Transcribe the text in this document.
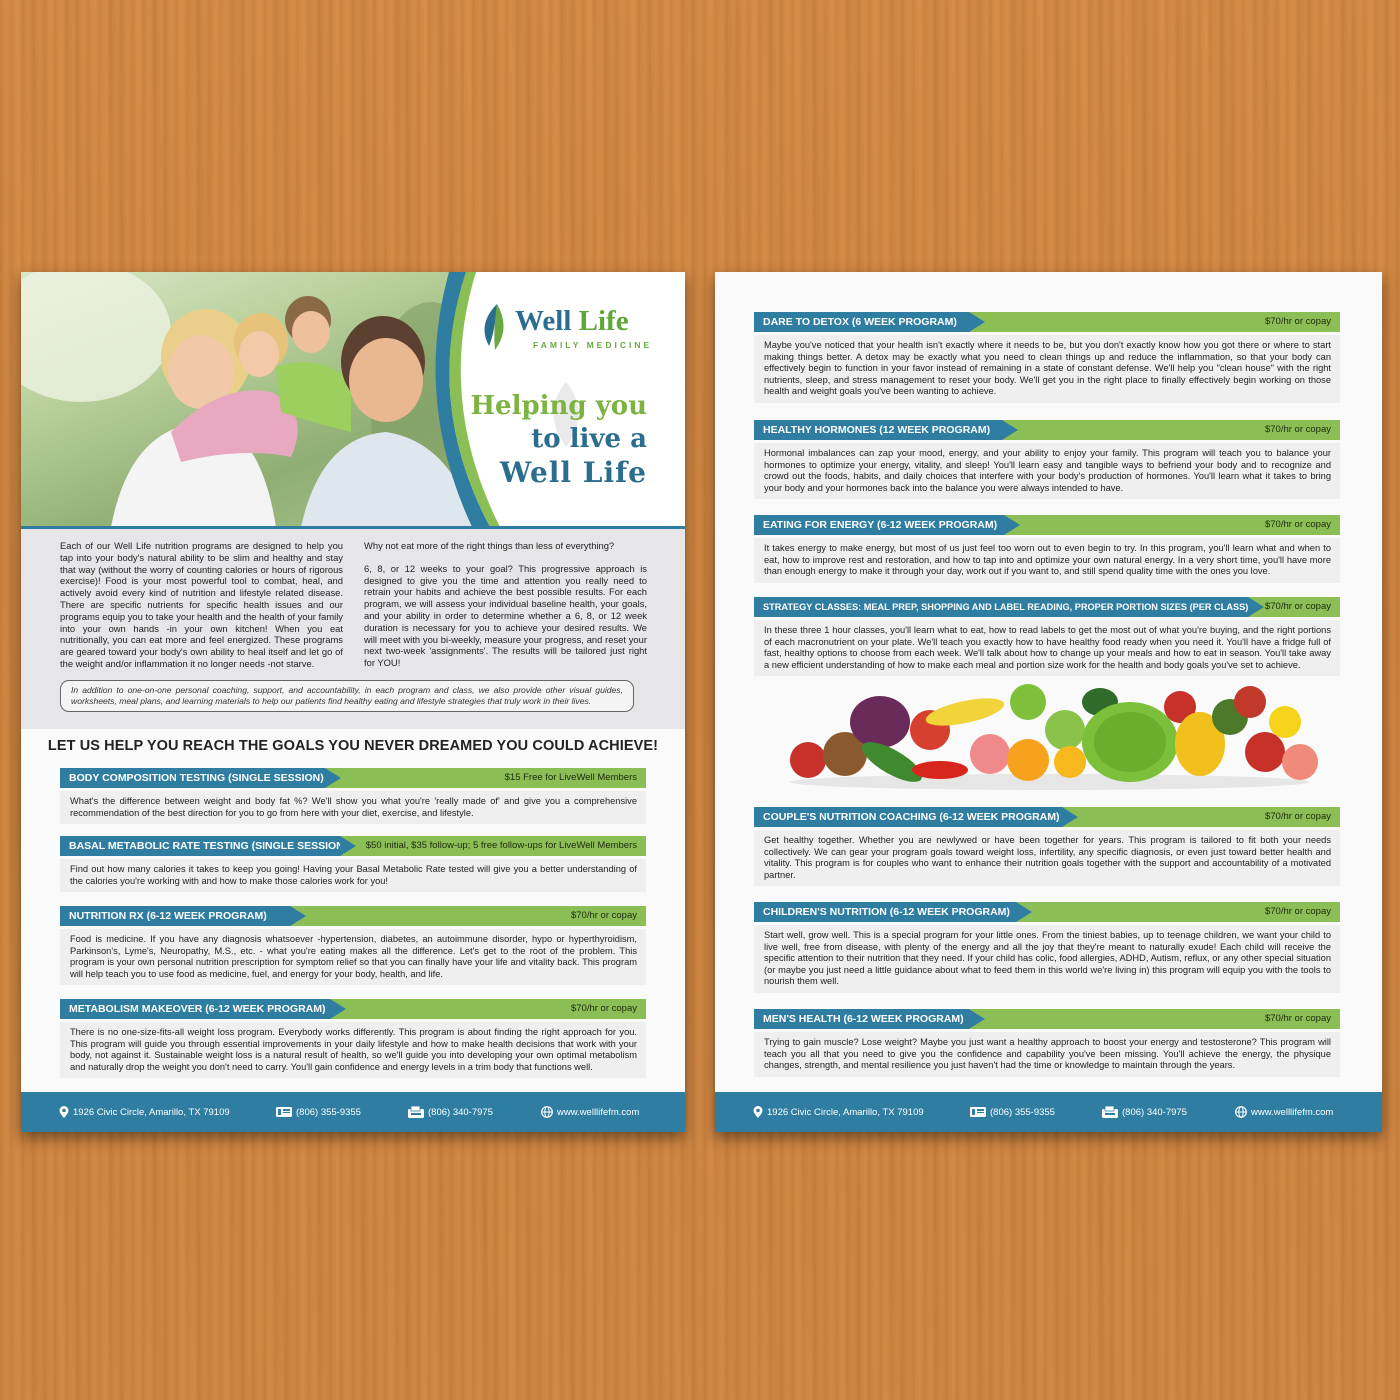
Well Life
FAMILY MEDICINE
Helping you
to live a
Well Life
Each of our Well Life nutrition programs are designed to help you tap into your body's natural ability to be slim and healthy and stay that way (without the worry of counting calories or hours of rigorous exercise)! Food is your most powerful tool to combat, heal, and actively avoid every kind of nutrition and lifestyle related disease. There are specific nutrients for specific health issues and our programs equip you to take your health and the health of your family into your own hands -in your own kitchen! When you eat nutritionally, you can eat more and feel energized. These programs are geared toward your body's own ability to heal itself and let go of the weight and/or inflammation it no longer needs -not starve.

Why not eat more of the right things than less of everything?

6, 8, or 12 weeks to your goal? This progressive approach is designed to give you the time and attention you really need to retrain your habits and achieve the best possible results. For each program, we will assess your individual baseline health, your goals, and your ability in order to determine whether a 6, 8, or 12 week duration is necessary for you to achieve your desired results. We will meet with you bi-weekly, measure your progress, and reset your next two-week 'assignments'. The results will be tailored just right for YOU!

In addition to one-on-one personal coaching, support, and accountability, in each program and class, we also provide other visual guides, worksheets, meal plans, and learning materials to help our patients find healthy eating and lifestyle strategies that truly work in their lives.
LET US HELP YOU REACH THE GOALS YOU NEVER DREAMED YOU COULD ACHIEVE!
BODY COMPOSITION TESTING (SINGLE SESSION)	$15 Free for LiveWell Members
What's the difference between weight and body fat %? We'll show you what you're 'really made of' and give you a comprehensive recommendation of the best direction for you to go from here with your diet, exercise, and lifestyle.
BASAL METABOLIC RATE TESTING (SINGLE SESSION) $50 initial, $35 follow-up; 5 free follow-ups for LiveWell Members
Find out how many calories it takes to keep you going! Having your Basal Metabolic Rate tested will give you a better understanding of the calories you're working with and how to make those calories work for you!
NUTRITION RX (6-12 WEEK PROGRAM)	$70/hr or copay
Food is medicine. If you have any diagnosis whatsoever -hypertension, diabetes, an autoimmune disorder, hypo or hyperthyroidism, Parkinson's, Lyme's, Neuropathy, M.S., etc. - what you're eating makes all the difference. Let's get to the root of the problem. This program is your own personal nutrition prescription for symptom relief so that you can finally have your life and vitality back. This program will help teach you to use food as medicine, fuel, and energy for your body, health, and life.
METABOLISM MAKEOVER (6-12 WEEK PROGRAM)	$70/hr or copay
There is no one-size-fits-all weight loss program. Everybody works differently. This program is about finding the right approach for you. This program will guide you through essential improvements in your daily lifestyle and how to make health decisions that work with your body, not against it. Sustainable weight loss is a natural result of health, so we'll guide you into developing your own optimal metabolism and naturally drop the weight you don't need to carry. You'll gain confidence and energy levels in a trim body that functions well.
1926 Civic Circle, Amarillo, TX 79109	(806) 355-9355	(806) 340-7975	www.welllifefm.com
DARE TO DETOX (6 WEEK PROGRAM)	$70/hr or copay
Maybe you've noticed that your health isn't exactly where it needs to be, but you don't exactly know how you got there or where to start making things better. A detox may be exactly what you need to clean things up and reduce the inflammation, so that your body can effectively begin to function in your favor instead of remaining in a state of constant defense. We'll help you "clean house" with the right nutrients, sleep, and stress management to reset your body. We'll get you in the right place to finally effectively begin working on those health and weight goals you've been wanting to achieve.
HEALTHY HORMONES (12 WEEK PROGRAM)	$70/hr or copay
Hormonal imbalances can zap your mood, energy, and your ability to enjoy your family. This program will teach you to balance your hormones to optimize your energy, vitality, and sleep! You'll learn easy and tangible ways to befriend your body and to recognize and crowd out the foods, habits, and daily choices that interfere with your body's production of hormones. You'll learn what it takes to bring your body and your hormones back into the balance you were always intended to have.
EATING FOR ENERGY (6-12 WEEK PROGRAM)	$70/hr or copay
It takes energy to make energy, but most of us just feel too worn out to even begin to try. In this program, you'll learn what and when to eat, how to improve rest and restoration, and how to tap into and optimize your own natural energy. In a very short time, you'll have more than enough energy to make it through your day, work out if you want to, and still spend quality time with the ones you love.
STRATEGY CLASSES: MEAL PREP, SHOPPING AND LABEL READING, PROPER PORTION SIZES (PER CLASS) $70/hr or copay
In these three 1 hour classes, you'll learn what to eat, how to read labels to get the most out of what you're buying, and the right portions of each macronutrient on your plate. We'll teach you exactly how to have healthy food ready when you need it. You'll have a fridge full of fast, healthy options to choose from each week. We'll talk about how to change up your meals and how to eat in season. You'll take away a new efficient understanding of how to make each meal and portion size work for the health and body goals you've set to achieve.
COUPLE'S NUTRITION COACHING (6-12 WEEK PROGRAM)	$70/hr or copay
Get healthy together. Whether you are newlywed or have been together for years. This program is tailored to fit both your needs collectively. We can gear your program goals toward weight loss, infertility, any specific diagnosis, or even just toward better health and vitality. This program is for couples who want to enhance their nutrition goals together with the support and accountability of a motivated partner.
CHILDREN'S NUTRITION (6-12 WEEK PROGRAM)	$70/hr or copay
Start well, grow well. This is a special program for your little ones. From the tiniest babies, up to teenage children, we want your child to live well, free from disease, with plenty of the energy and all the joy that they're meant to naturally exude! Each child will receive the specific attention to their nutrition that they need. If your child has colic, food allergies, ADHD, Autism, reflux, or any other special situation (or maybe you just need a little guidance about what to feed them in this world we're living in) this program will equip you with the tools to nourish them well.
MEN'S HEALTH (6-12 WEEK PROGRAM)	$70/hr or copay
Trying to gain muscle? Lose weight? Maybe you just want a healthy approach to boost your energy and testosterone? This program will teach you all that you need to give you the confidence and capability you've been missing. You'll achieve the energy, the physique changes, strength, and mental resilience you just haven't had the time or knowledge to maintain through the years.
1926 Civic Circle, Amarillo, TX 79109	(806) 355-9355	(806) 340-7975	www.welllifefm.com
